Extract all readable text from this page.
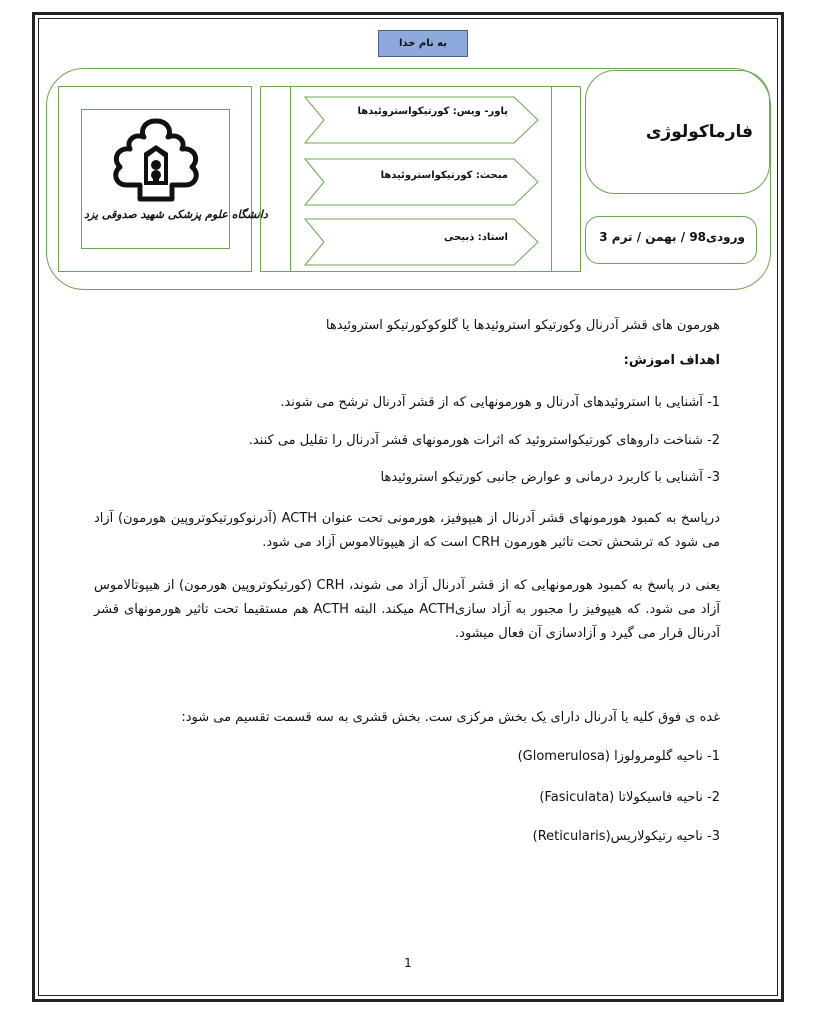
به نام خدا
دانشگاه علوم پزشکی شهید صدوقی یزد
پاور- ویس: کورتیکواستروئیدها
مبحث: کورتیکواستروئیدها
استاد: ذبیحی
فارماکولوژی
ورودی98 / بهمن / ترم 3
هورمون های قشر آدرنال وکورتیکو استروئیدها یا گلوکوکورتیکو استروئیدها
اهداف اموزش:
1- آشنایی با استروئیدهای آدرنال و هورمونهایی که از قشر آدرنال ترشح می شوند.
2- شناخت داروهای کورتیکواستروئید که اثرات هورمونهای قشر آدرنال را تقلیل می کنند.
3- آشنایی با کاربرد درمانی و عوارض جانبی کورتیکو استروئیدها
درپاسخ به کمبود هورمونهای قشر آدرنال از هیپوفیز، هورمونی تحت عنوان ACTH (آدرنوکورتیکوتروپین هورمون) آزاد می شود که ترشحش تحت تاثیر هورمون CRH است که از هیپوتالاموس آزاد می شود.
یعنی در پاسخ به کمبود هورمونهایی که از قشر آدرنال آزاد می شوند، CRH (کورتیکوتروپین هورمون) از هیپوتالاموس آزاد می شود. که هیپوفیز را مجبور به آزاد سازیACTH میکند. البته ACTH هم مستقیما تحت تاثیر هورمونهای قشر آدرنال قرار می گیرد و آزادسازی آن فعال میشود.
غده ی فوق کلیه یا آدرنال دارای یک بخش مرکزی ست. بخش قشری به سه قسمت تقسیم می شود:
1- ناحیه گلومرولوزا (Glomerulosa)
2- ناحیه فاسیکولاتا (Fasiculata)
3- ناحیه رتیکولاریس(Reticularis)
1
